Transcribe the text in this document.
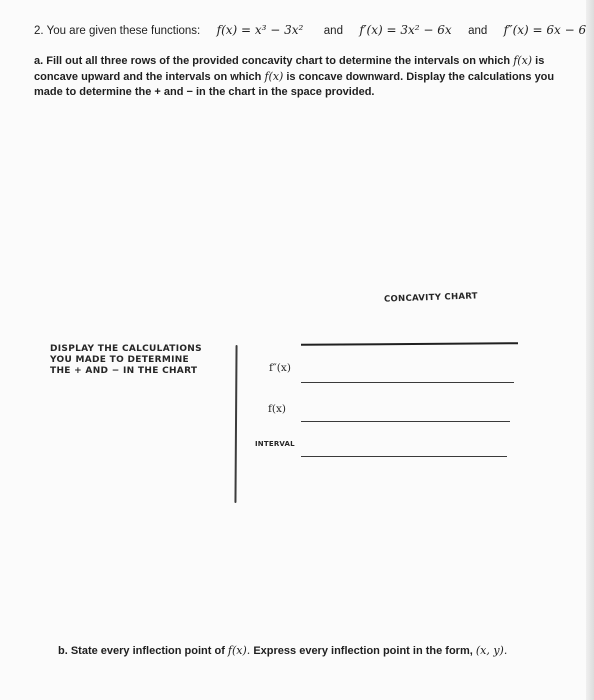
2. You are given these functions: f(x) = x³ − 3x² and f′(x) = 3x² − 6x and f″(x) = 6x − 6
a. Fill out all three rows of the provided concavity chart to determine the intervals on which f(x) is concave upward and the intervals on which f(x) is concave downward. Display the calculations you made to determine the + and − in the chart in the space provided.
CONCAVITY CHART
DISPLAY THE CALCULATIONS
YOU MADE TO DETERMINE
THE + AND − IN THE CHART	f″(x)
f(x)
INTERVAL
b. State every inflection point of f(x). Express every inflection point in the form, (x, y).
